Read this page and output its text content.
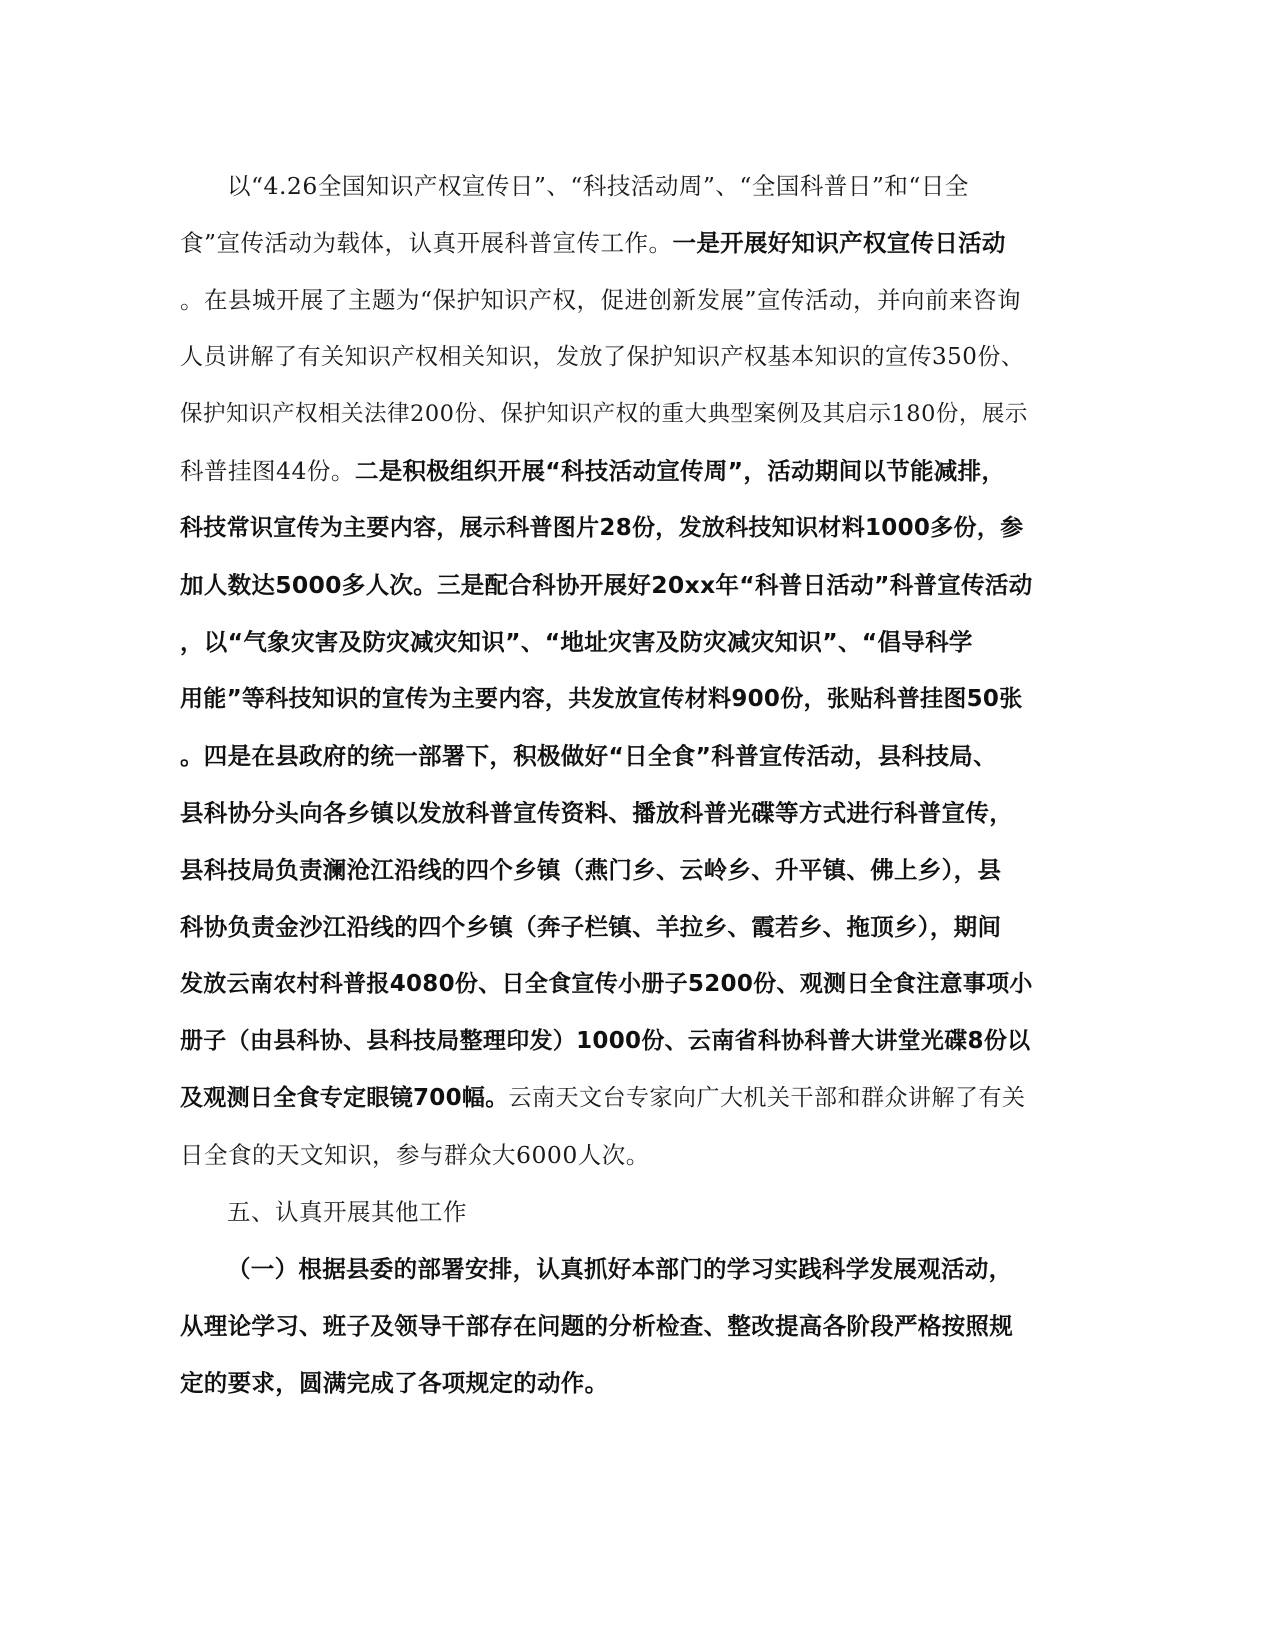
以“4.26全国知识产权宣传日”、“科技活动周”、“全国科普日”和“日全
食”宣传活动为载体，认真开展科普宣传工作。一是开展好知识产权宣传日活动
。在县城开展了主题为“保护知识产权，促进创新发展”宣传活动，并向前来咨询
人员讲解了有关知识产权相关知识，发放了保护知识产权基本知识的宣传350份、
保护知识产权相关法律200份、保护知识产权的重大典型案例及其启示180份，展示
科普挂图44份。二是积极组织开展“科技活动宣传周”，活动期间以节能减排，
科技常识宣传为主要内容，展示科普图片28份，发放科技知识材料1000多份，参
加人数达5000多人次。三是配合科协开展好20xx年“科普日活动”科普宣传活动
，以“气象灾害及防灾减灾知识”、“地址灾害及防灾减灾知识”、“倡导科学
用能”等科技知识的宣传为主要内容，共发放宣传材料900份，张贴科普挂图50张
。四是在县政府的统一部署下，积极做好“日全食”科普宣传活动，县科技局、
县科协分头向各乡镇以发放科普宣传资料、播放科普光碟等方式进行科普宣传，
县科技局负责澜沧江沿线的四个乡镇（燕门乡、云岭乡、升平镇、佛上乡），县
科协负责金沙江沿线的四个乡镇（奔子栏镇、羊拉乡、霞若乡、拖顶乡），期间
发放云南农村科普报4080份、日全食宣传小册子5200份、观测日全食注意事项小
册子（由县科协、县科技局整理印发）1000份、云南省科协科普大讲堂光碟8份以
及观测日全食专定眼镜700幅。云南天文台专家向广大机关干部和群众讲解了有关
日全食的天文知识，参与群众大6000人次。
五、认真开展其他工作
（一）根据县委的部署安排，认真抓好本部门的学习实践科学发展观活动，
从理论学习、班子及领导干部存在问题的分析检查、整改提高各阶段严格按照规
定的要求，圆满完成了各项规定的动作。
